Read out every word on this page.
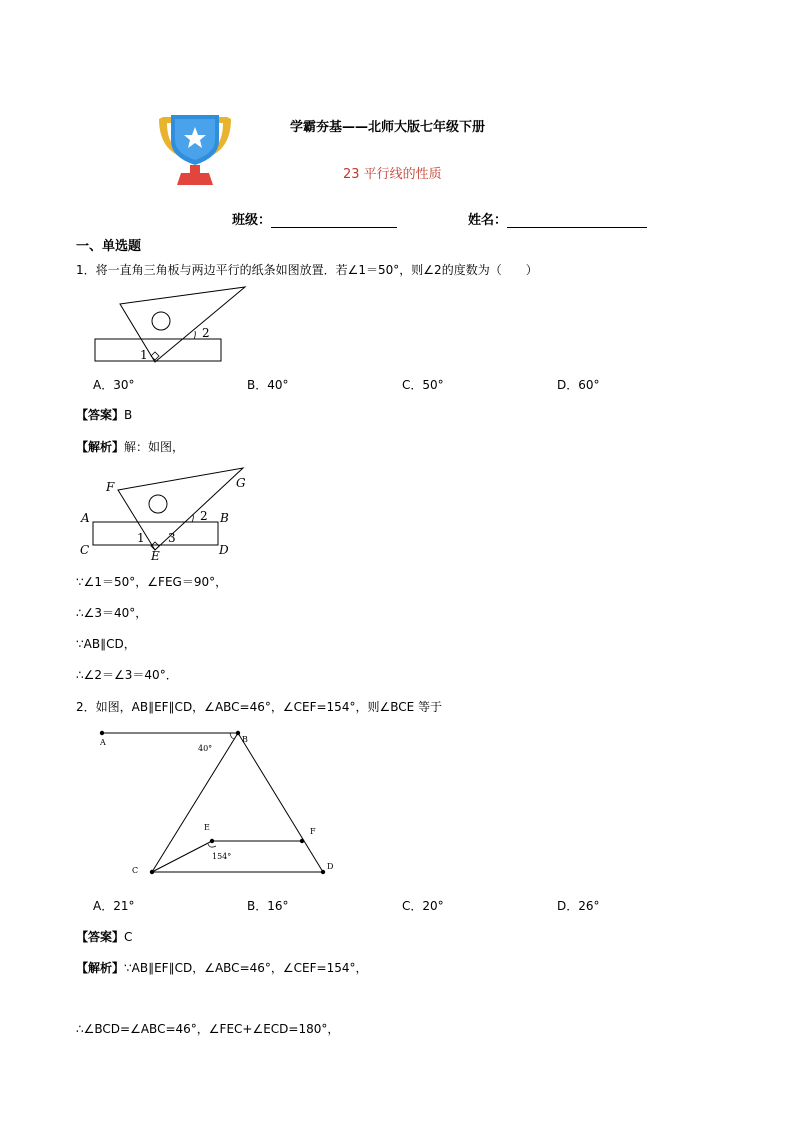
学霸夯基——北师大版七年级下册
23 平行线的性质
班级：	姓名：
一、单选题
1．将一直角三角板与两边平行的纸条如图放置．若∠1＝50°，则∠2的度数为（　　）
2
1
A．30°	B．40°	C．50°	D．60°
【答案】B
【解析】解：如图，
F	G
A	B
C	D
E
1 3
2
∵∠1＝50°，∠FEG＝90°，
∴∠3＝40°，
∵AB∥CD，
∴∠2＝∠3＝40°．
2．如图，AB∥EF∥CD，∠ABC=46°，∠CEF=154°，则∠BCE 等于
A	B
C	D
E	F
40°
154°
A．21°	B．16°	C．20°	D．26°
【答案】C
【解析】∵AB∥EF∥CD，∠ABC=46°，∠CEF=154°，
∴∠BCD=∠ABC=46°，∠FEC+∠ECD=180°，
